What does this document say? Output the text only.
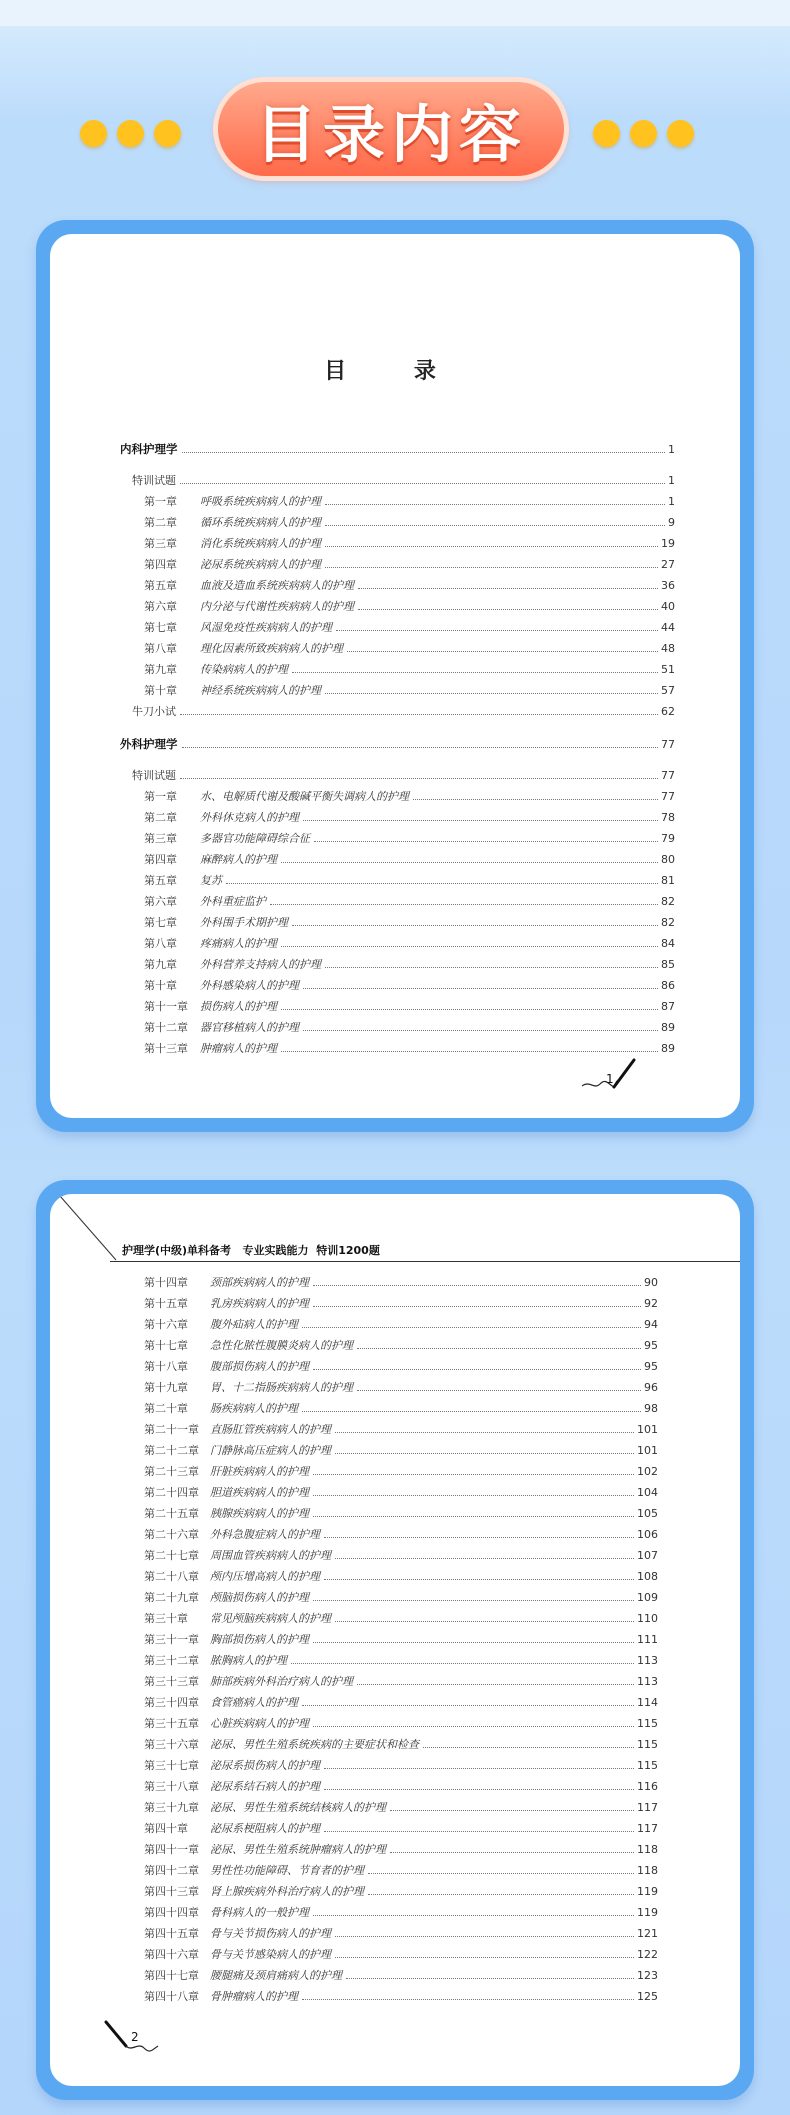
目录内容
目 录
内科护理学	1
特训试题	1
第一章	呼吸系统疾病病人的护理	1
第二章	循环系统疾病病人的护理	9
第三章	消化系统疾病病人的护理	19
第四章	泌尿系统疾病病人的护理	27
第五章	血液及造血系统疾病病人的护理	36
第六章	内分泌与代谢性疾病病人的护理	40
第七章	风湿免疫性疾病病人的护理	44
第八章	理化因素所致疾病病人的护理	48
第九章	传染病病人的护理	51
第十章	神经系统疾病病人的护理	57
牛刀小试	62
外科护理学	77
特训试题	77
第一章	水、电解质代谢及酸碱平衡失调病人的护理	77
第二章	外科休克病人的护理	78
第三章	多器官功能障碍综合征	79
第四章	麻醉病人的护理	80
第五章	复苏	81
第六章	外科重症监护	82
第七章	外科围手术期护理	82
第八章	疼痛病人的护理	84
第九章	外科营养支持病人的护理	85
第十章	外科感染病人的护理	86
第十一章	损伤病人的护理	87
第十二章	器官移植病人的护理	89
第十三章	肿瘤病人的护理	89
1
护理学(中级)单科备考   专业实践能力  特训1200题
第十四章	颈部疾病病人的护理	90
第十五章	乳房疾病病人的护理	92
第十六章	腹外疝病人的护理	94
第十七章	急性化脓性腹膜炎病人的护理	95
第十八章	腹部损伤病人的护理	95
第十九章	胃、十二指肠疾病病人的护理	96
第二十章	肠疾病病人的护理	98
第二十一章	直肠肛管疾病病人的护理	101
第二十二章	门静脉高压症病人的护理	101
第二十三章	肝脏疾病病人的护理	102
第二十四章	胆道疾病病人的护理	104
第二十五章	胰腺疾病病人的护理	105
第二十六章	外科急腹症病人的护理	106
第二十七章	周围血管疾病病人的护理	107
第二十八章	颅内压增高病人的护理	108
第二十九章	颅脑损伤病人的护理	109
第三十章	常见颅脑疾病病人的护理	110
第三十一章	胸部损伤病人的护理	111
第三十二章	脓胸病人的护理	113
第三十三章	肺部疾病外科治疗病人的护理	113
第三十四章	食管癌病人的护理	114
第三十五章	心脏疾病病人的护理	115
第三十六章	泌尿、男性生殖系统疾病的主要症状和检查	115
第三十七章	泌尿系损伤病人的护理	115
第三十八章	泌尿系结石病人的护理	116
第三十九章	泌尿、男性生殖系统结核病人的护理	117
第四十章	泌尿系梗阻病人的护理	117
第四十一章	泌尿、男性生殖系统肿瘤病人的护理	118
第四十二章	男性性功能障碍、节育者的护理	118
第四十三章	肾上腺疾病外科治疗病人的护理	119
第四十四章	骨科病人的一般护理	119
第四十五章	骨与关节损伤病人的护理	121
第四十六章	骨与关节感染病人的护理	122
第四十七章	腰腿痛及颈肩痛病人的护理	123
第四十八章	骨肿瘤病人的护理	125
2
